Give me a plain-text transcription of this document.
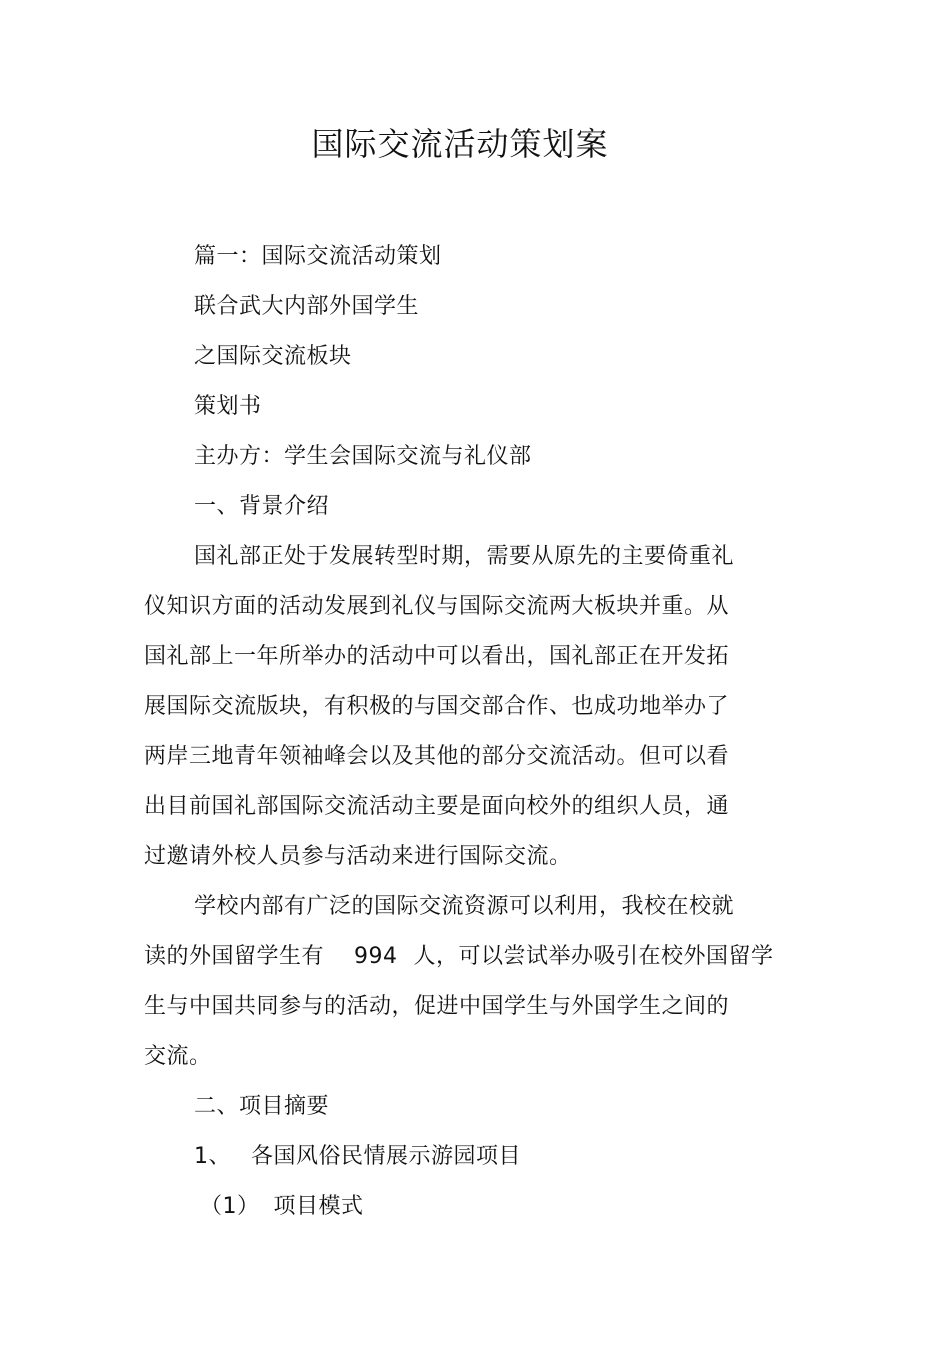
国际交流活动策划案
篇一：国际交流活动策划
联合武大内部外国学生
之国际交流板块
策划书
主办方：学生会国际交流与礼仪部
一、背景介绍
国礼部正处于发展转型时期，需要从原先的主要倚重礼
仪知识方面的活动发展到礼仪与国际交流两大板块并重。从
国礼部上一年所举办的活动中可以看出，国礼部正在开发拓
展国际交流版块，有积极的与国交部合作、也成功地举办了
两岸三地青年领袖峰会以及其他的部分交流活动。但可以看
出目前国礼部国际交流活动主要是面向校外的组织人员，通
过邀请外校人员参与活动来进行国际交流。
学校内部有广泛的国际交流资源可以利用，我校在校就
读的外国留学生有 994 人，可以尝试举办吸引在校外国留学
生与中国共同参与的活动，促进中国学生与外国学生之间的
交流。
二、项目摘要
1、 各国风俗民情展示游园项目
（1） 项目模式
